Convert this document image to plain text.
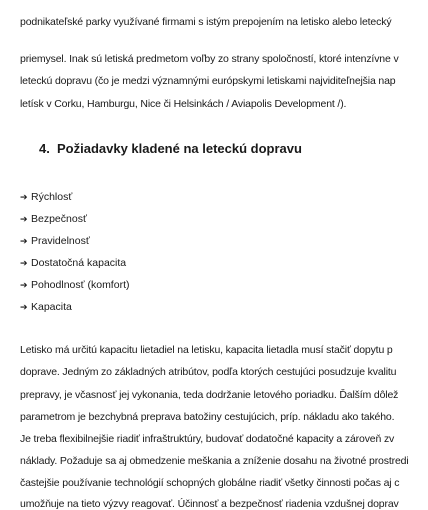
podnikateľské parky využívané firmami s istým prepojením na letisko alebo letecký
priemysel. Inak sú letiská predmetom voľby zo strany spoločností, ktoré intenzívne v
leteckú dopravu (čo je medzi významnými európskymi letiskami najviditeľnejšia nap
letísk v Corku, Hamburgu, Nice či Helsinkách / Aviapolis Development /).
4. Požiadavky kladené na leteckú dopravu
➔ Rýchlosť
➔ Bezpečnosť
➔ Pravidelnosť
➔ Dostatočná kapacita
➔ Pohodlnosť (komfort)
➔ Kapacita
Letisko má určitú kapacitu lietadiel na letisku, kapacita lietadla musí stačiť dopytu p
doprave. Jedným zo základných atribútov, podľa ktorých cestujúci posudzuje kvalitu
prepravy, je včasnosť jej vykonania, teda dodržanie letového poriadku. Ďalším dôlež
parametrom je bezchybná preprava batožiny cestujúcich, príp. nákladu ako takého.
Je treba flexibilnejšie riadiť infraštruktúry, budovať dodatočné kapacity a zároveň zv
náklady. Požaduje sa aj obmedzenie meškania a zníženie dosahu na životné prostredi
častejšie používanie technológií schopných globálne riadiť všetky činnosti počas aj c
umožňuje na tieto výzvy reagovať. Účinnosť a bezpečnosť riadenia vzdušnej doprav
